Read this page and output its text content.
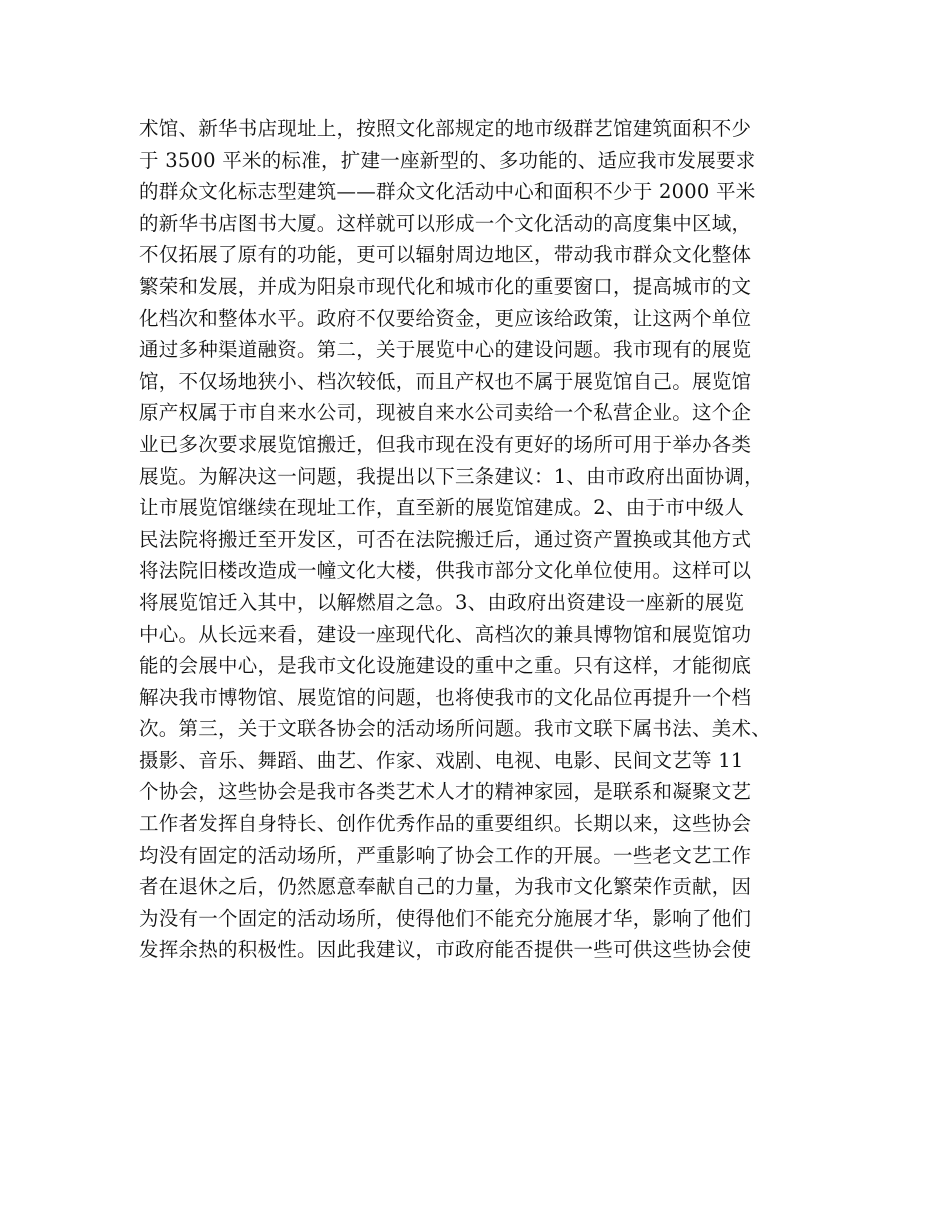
术馆、新华书店现址上，按照文化部规定的地市级群艺馆建筑面积不少
于 3500 平米的标准，扩建一座新型的、多功能的、适应我市发展要求
的群众文化标志型建筑——群众文化活动中心和面积不少于 2000 平米
的新华书店图书大厦。这样就可以形成一个文化活动的高度集中区域，
不仅拓展了原有的功能，更可以辐射周边地区，带动我市群众文化整体
繁荣和发展，并成为阳泉市现代化和城市化的重要窗口，提高城市的文
化档次和整体水平。政府不仅要给资金，更应该给政策，让这两个单位
通过多种渠道融资。第二，关于展览中心的建设问题。我市现有的展览
馆，不仅场地狭小、档次较低，而且产权也不属于展览馆自己。展览馆
原产权属于市自来水公司，现被自来水公司卖给一个私营企业。这个企
业已多次要求展览馆搬迁，但我市现在没有更好的场所可用于举办各类
展览。为解决这一问题，我提出以下三条建议：1、由市政府出面协调，
让市展览馆继续在现址工作，直至新的展览馆建成。2、由于市中级人
民法院将搬迁至开发区，可否在法院搬迁后，通过资产置换或其他方式
将法院旧楼改造成一幢文化大楼，供我市部分文化单位使用。这样可以
将展览馆迁入其中，以解燃眉之急。3、由政府出资建设一座新的展览
中心。从长远来看，建设一座现代化、高档次的兼具博物馆和展览馆功
能的会展中心，是我市文化设施建设的重中之重。只有这样，才能彻底
解决我市博物馆、展览馆的问题，也将使我市的文化品位再提升一个档
次。第三，关于文联各协会的活动场所问题。我市文联下属书法、美术、
摄影、音乐、舞蹈、曲艺、作家、戏剧、电视、电影、民间文艺等 11
个协会，这些协会是我市各类艺术人才的精神家园，是联系和凝聚文艺
工作者发挥自身特长、创作优秀作品的重要组织。长期以来，这些协会
均没有固定的活动场所，严重影响了协会工作的开展。一些老文艺工作
者在退休之后，仍然愿意奉献自己的力量，为我市文化繁荣作贡献，因
为没有一个固定的活动场所，使得他们不能充分施展才华，影响了他们
发挥余热的积极性。因此我建议，市政府能否提供一些可供这些协会使
